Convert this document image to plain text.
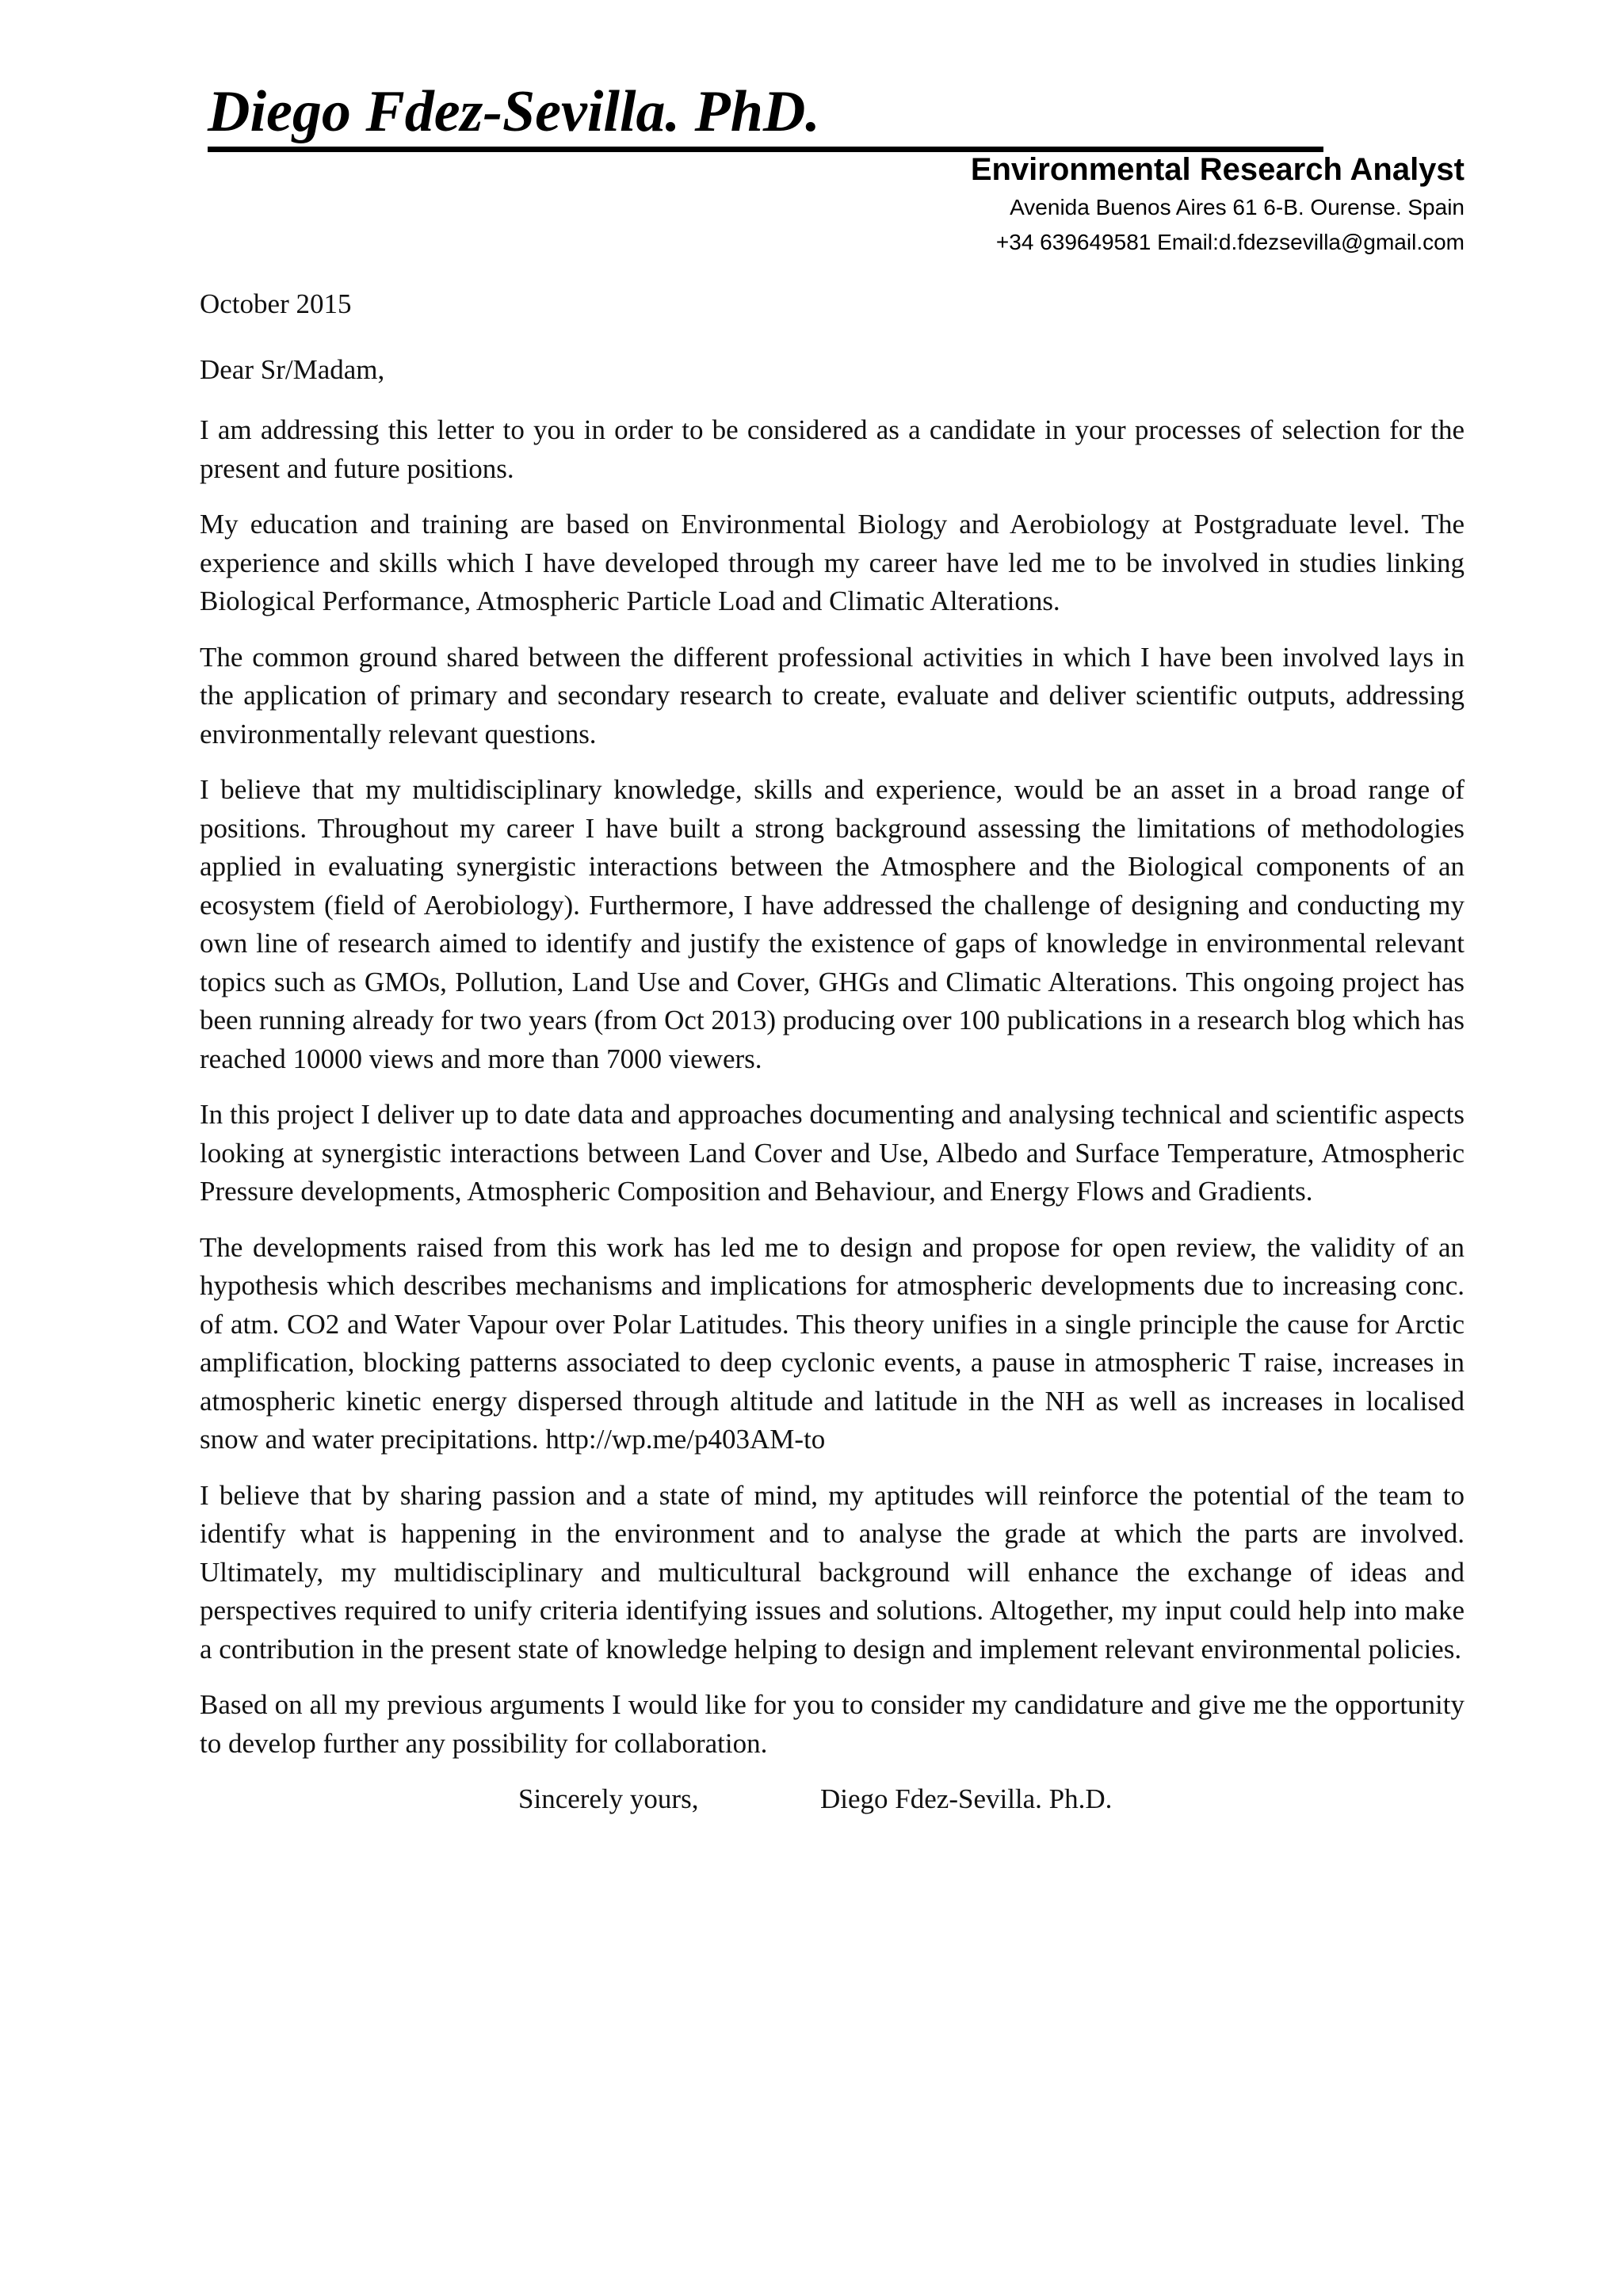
Diego Fdez-Sevilla. PhD.
Environmental Research Analyst
Avenida Buenos Aires 61 6-B. Ourense. Spain
+34 639649581 Email:d.fdezsevilla@gmail.com

October 2015

Dear Sr/Madam,

I am addressing this letter to you in order to be considered as a candidate in your processes of selection for the present and future positions.

My education and training are based on Environmental Biology and Aerobiology at Postgraduate level. The experience and skills which I have developed through my career have led me to be involved in studies linking Biological Performance, Atmospheric Particle Load and Climatic Alterations.

The common ground shared between the different professional activities in which I have been involved lays in the application of primary and secondary research to create, evaluate and deliver scientific outputs, addressing environmentally relevant questions.

I believe that my multidisciplinary knowledge, skills and experience, would be an asset in a broad range of positions. Throughout my career I have built a strong background assessing the limitations of methodologies applied in evaluating synergistic interactions between the Atmosphere and the Biological components of an ecosystem (field of Aerobiology). Furthermore, I have addressed the challenge of designing and conducting my own line of research aimed to identify and justify the existence of gaps of knowledge in environmental relevant topics such as GMOs, Pollution, Land Use and Cover, GHGs and Climatic Alterations. This ongoing project has been running already for two years (from Oct 2013) producing over 100 publications in a research blog which has reached 10000 views and more than 7000 viewers.

In this project I deliver up to date data and approaches documenting and analysing technical and scientific aspects looking at synergistic interactions between Land Cover and Use, Albedo and Surface Temperature, Atmospheric Pressure developments, Atmospheric Composition and Behaviour, and Energy Flows and Gradients.

The developments raised from this work has led me to design and propose for open review, the validity of an hypothesis which describes mechanisms and implications for atmospheric developments due to increasing conc. of atm. CO2 and Water Vapour over Polar Latitudes. This theory unifies in a single principle the cause for Arctic amplification, blocking patterns associated to deep cyclonic events, a pause in atmospheric T raise, increases in atmospheric kinetic energy dispersed through altitude and latitude in the NH as well as increases in localised snow and water precipitations. http://wp.me/p403AM-to

I believe that by sharing passion and a state of mind, my aptitudes will reinforce the potential of the team to identify what is happening in the environment and to analyse the grade at which the parts are involved. Ultimately, my multidisciplinary and multicultural background will enhance the exchange of ideas and perspectives required to unify criteria identifying issues and solutions. Altogether, my input could help into make a contribution in the present state of knowledge helping to design and implement relevant environmental policies.

Based on all my previous arguments I would like for you to consider my candidature and give me the opportunity to develop further any possibility for collaboration.

Sincerely yours,	Diego Fdez-Sevilla. Ph.D.
